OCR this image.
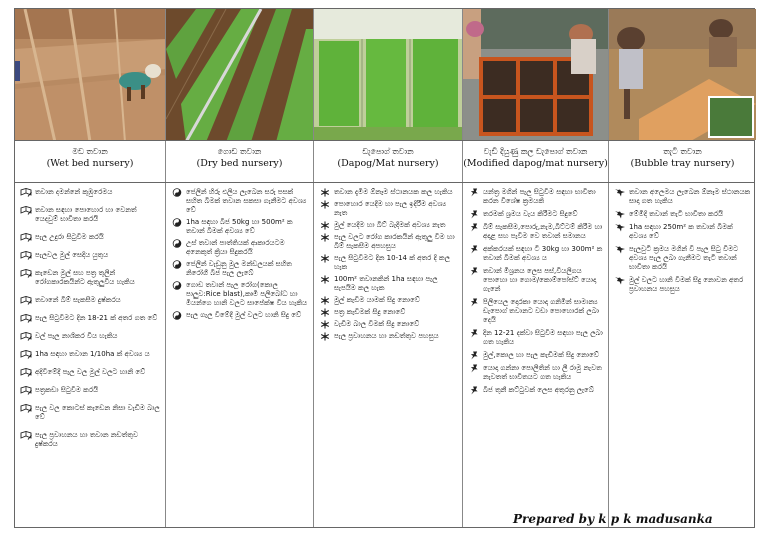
මඩ තවාන
(Wet bed nursery)
ගොඩ තවාන
(Dry bed nursery)
ඩැපොග් තවාන
(Dapog/Mat nursery)
වැඩි දියුණු කල ඩැපොග් තවාන
(Modified dapog/mat nursery)
තැටි තවාන
(Bubble tray nursery)
තවාන දමන්නේ කුඹුරෙමය
තවාන සඳහා පොහොර හා වෙනත් යෙදවුම් භාවිතා කරයි
පැල උදුරා සිටුවීම කරයි
පැලවල මුල් සෙදිය යුතුය
කැඩෙන මුල් සහ පත්‍ර තුලින් රෝගකාරකයින්ට ඇතුලුවිය හැකිය
තවානේ බිම් සැකසීම දුෂ්කරය
පැල සිටුවීමට දින 18-21 ක් අතර ගත වේ
වල් පැල නාශිකර විය හැකිය
1ha සඳහා තවාන 1/10ha ක් අවශ්‍ය ය
අදිවීමේදී පැල වල මුල් වලට හානි වේ
පත්‍රකඩා සිටුවීම කරයි
පැල වල කොටස් කැඩෙන නිසා වැඩිම බාල වේ
පැල ප්‍රවාහනය හා තවාන නඩත්තුව දුෂ්කරය
ජෙලින් හිරු එලිය ලැබෙන සරු පසක් සහිත බිමක් තවාන සකසා ගැනීමට අවශ්‍ය වේ
1ha සඳහා බීජ 50kg හා 500m² ක තවාන් බිමක් අවශ්‍ය වේ
උස් තවාන් පාත්තියක් ආකාරයටම අනෙකුත් ක්‍රියා සිදුකරයි
ජෙලින් වැඩුනු මුල මන්ඩලයක් සහිත නිරෝගී බීජ පැල ලැබේ
ගොඩ තවාන් පැල රෝග(කොල පාලුව:Rice blast),කෘමි පලිබෝධ හා මීයන්ගෙ හානි වලට සාපේක්ෂ විය හැකිය
පැල ගැල වීමේදී මුල් වලට හානි සිදු වේ
තවාන දැමීම ඕනෑම ස්ථානයක කල හැකිය
පොහොර යෙදීම හා පැල ඉදිරීම අවශ්‍ය නැත
මුල් යෙදීම හා බිට් බැදීමක් අවශ්‍ය නැත
පැල වලට රෝග කාරකයින් ඇතුලු වීම හා බිම් සැකසීම අපහසුය
පැල සිටුවීමට දින 10-14 ක් අතර දි කල හැක
100m² තවානකින් 1ha සඳහා පැල සැපයීම කල හැක
මුල් කැඩීම යාමක් සිදු නොවේ
පත්‍ර කැඩීමක් සිදු නොවේ
වැඩිම බාල වීමක් සිදු නොවේ
පැල ප්‍රවාහනය හා නඩත්තුව පහසුය
යන්ත්‍ර මගින් පැල සිටුවීම සඳහා භාවිතා කරන විශේෂ ක්‍රමයකි
තරමක් ශ්‍රමය වැය කිරීමට සිදුවේ
බිම් සැකසීම,පොරු,නැම,බිට්ටම් කිරීම හා අදාළ සහ පැවීම වෙ තවාන් සමානය
අක්කරයක් සඳහා ටී 30kg හා 300m² ක තවාන් බිමක් අවශ්‍ය ය
තවාන් මිශ්‍රනය ලෙස පස්,වියලිගය පොහො හා ගොම/කොම්පෝස්ට් යොදා ගැනේ
පිලියෙල දොරකා යොදා ගනිමින් සාමාන්‍ය ඩැපොග් තවානට වඩා පොහොරක් ලබා දෙයි
දින 12-21 දක්වා සිටුවීම සඳහා පැල ලබා ගත හැකිය
මුල්,කොල හා පැල කැඩිමක් සිදු නොවේ
යොදා ගන්නා පොලිතින් හා ලී රාමු නැවත නැවතත් භාවිතයට ගත හැකිය
බීජ තුනී කට්ටුවක් ලෙස අතුරනු ලැබේ
තවාන අලෙමය ලැබෙන ඕනෑම ස්ථානයක සාදා ගත හැකිය
මේමිදි තවාන් තැටි භාවිතා කරයි
1ha සඳහා 250m² ක තවාන් බිමක් අවශ්‍ය වේ
පැලවුටි ක්‍රමය මගින් වී පැල සිටු විමට අවශ්‍ය පැල ලබා ගැනීමට තැටි තවාන් භාවිතා කරයි
මුල් වලට හානි වීමක් සිදු නොවන අතර ප්‍රවාහනය පහසුය
Prepared by k p k madusanka
